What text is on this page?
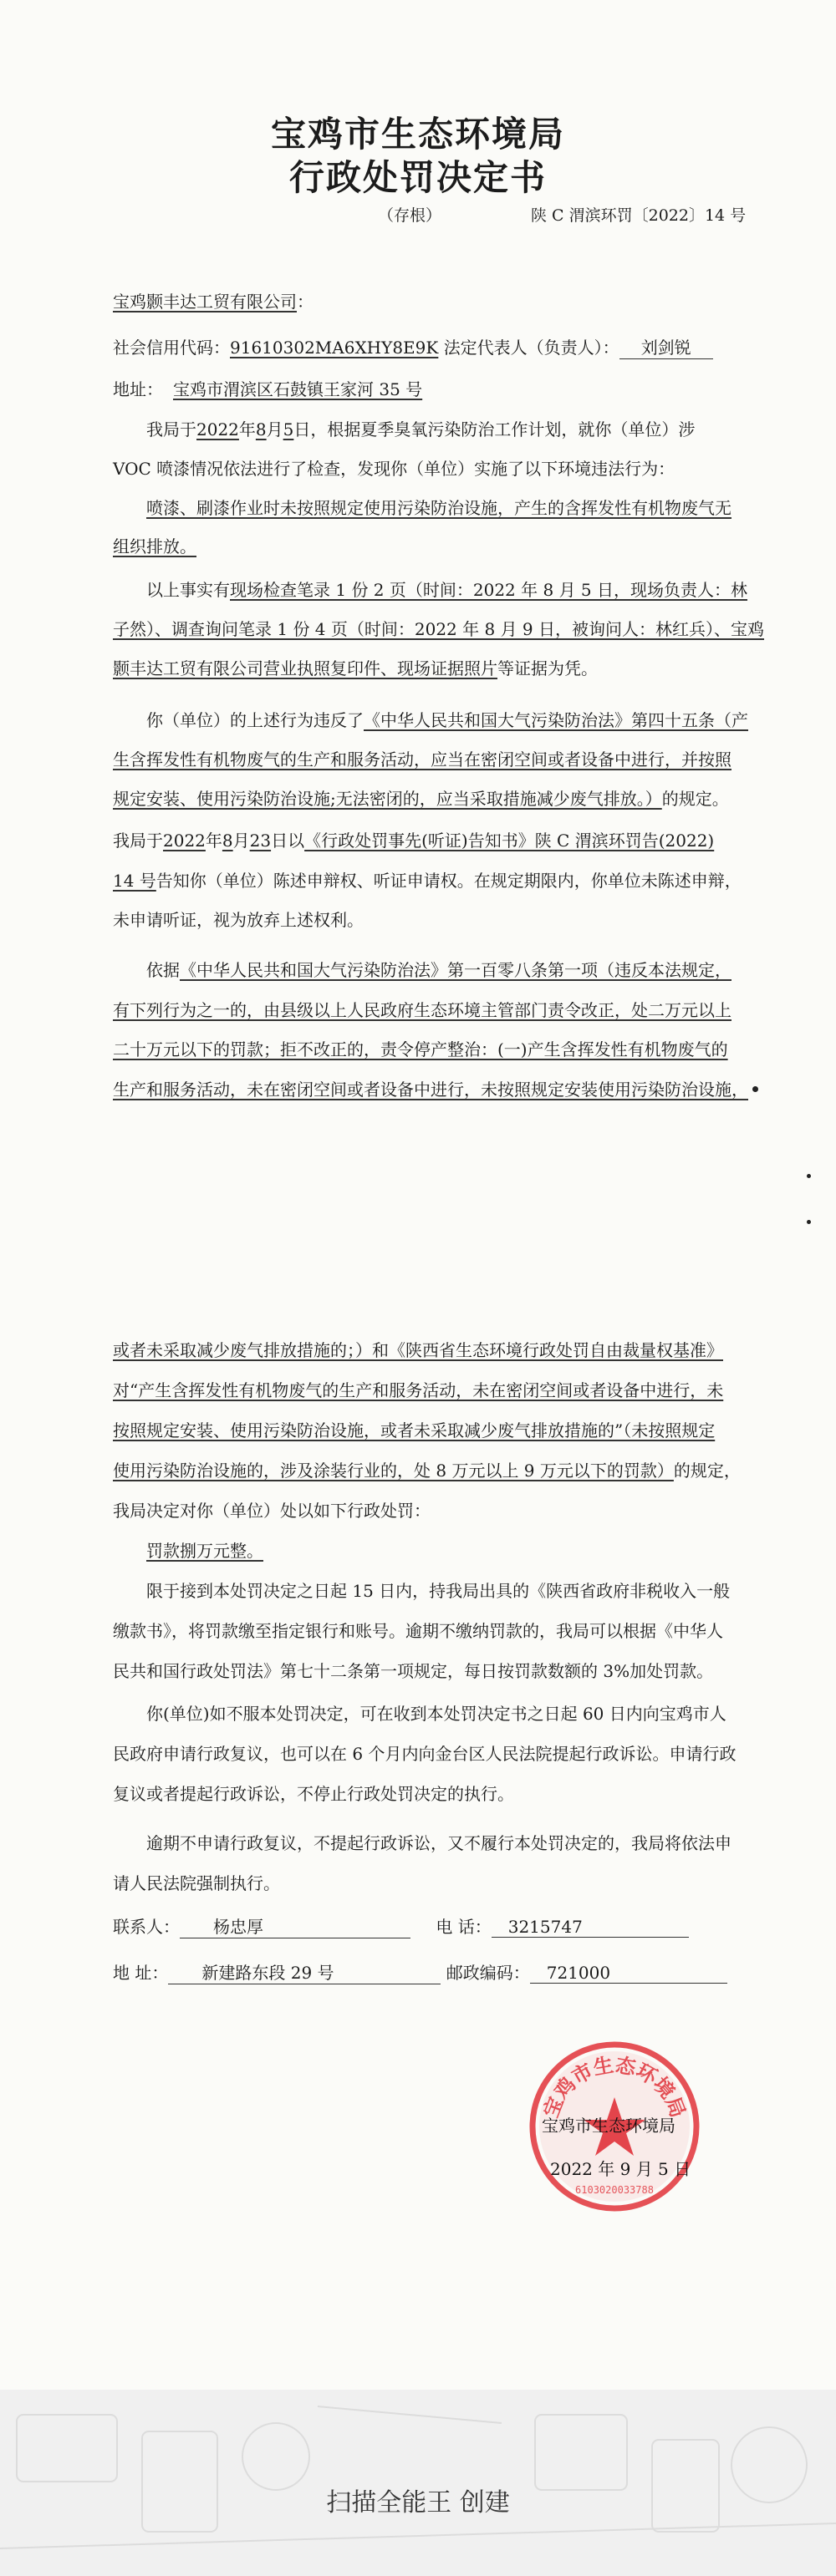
宝鸡市生态环境局
行政处罚决定书
（存根）	陕 C 渭滨环罚〔2022〕14 号
宝鸡颢丰达工贸有限公司：
社会信用代码：91610302MA6XHY8E9K 法定代表人（负责人）： 刘剑锐
地址： 宝鸡市渭滨区石鼓镇王家河 35 号
我局于2022年8月5日，根据夏季臭氧污染防治工作计划，就你（单位）涉
VOC 喷漆情况依法进行了检查，发现你（单位）实施了以下环境违法行为：
喷漆、刷漆作业时未按照规定使用污染防治设施，产生的含挥发性有机物废气无
组织排放。
以上事实有现场检查笔录 1 份 2 页（时间：2022 年 8 月 5 日，现场负责人：林
子然）、调查询问笔录 1 份 4 页（时间：2022 年 8 月 9 日，被询问人：林红兵）、宝鸡
颢丰达工贸有限公司营业执照复印件、现场证据照片等证据为凭。
你（单位）的上述行为违反了《中华人民共和国大气污染防治法》第四十五条（产
生含挥发性有机物废气的生产和服务活动，应当在密闭空间或者设备中进行，并按照
规定安装、使用污染防治设施;无法密闭的，应当采取措施减少废气排放。）的规定。
我局于2022年8月23日以《行政处罚事先(听证)告知书》陕 C 渭滨环罚告(2022)
14 号告知你（单位）陈述申辩权、听证申请权。在规定期限内，你单位未陈述申辩，
未申请听证，视为放弃上述权利。
依据《中华人民共和国大气污染防治法》第一百零八条第一项（违反本法规定，
有下列行为之一的，由县级以上人民政府生态环境主管部门责令改正，处二万元以上
二十万元以下的罚款；拒不改正的，责令停产整治：(一)产生含挥发性有机物废气的
生产和服务活动，未在密闭空间或者设备中进行，未按照规定安装使用污染防治设施，
或者未采取减少废气排放措施的；）和《陕西省生态环境行政处罚自由裁量权基准》
对“产生含挥发性有机物废气的生产和服务活动，未在密闭空间或者设备中进行，未
按照规定安装、使用污染防治设施，或者未采取减少废气排放措施的”（未按照规定
使用污染防治设施的，涉及涂装行业的，处 8 万元以上 9 万元以下的罚款）的规定，
我局决定对你（单位）处以如下行政处罚：
罚款捌万元整。
限于接到本处罚决定之日起 15 日内，持我局出具的《陕西省政府非税收入一般
缴款书》，将罚款缴至指定银行和账号。逾期不缴纳罚款的，我局可以根据《中华人
民共和国行政处罚法》第七十二条第一项规定，每日按罚款数额的 3%加处罚款。
你(单位)如不服本处罚决定，可在收到本处罚决定书之日起 60 日内向宝鸡市人
民政府申请行政复议，也可以在 6 个月内向金台区人民法院提起行政诉讼。申请行政
复议或者提起行政诉讼，不停止行政处罚决定的执行。
逾期不申请行政复议，不提起行政诉讼，又不履行本处罚决定的，我局将依法申
请人民法院强制执行。
联系人： 杨忠厚	电 话： 3215747
地 址： 新建路东段 29 号	邮政编码： 721000
宝鸡市生态环境局
6103020033788
宝鸡市生态环境局
2022 年 9 月 5 日
扫描全能王 创建
